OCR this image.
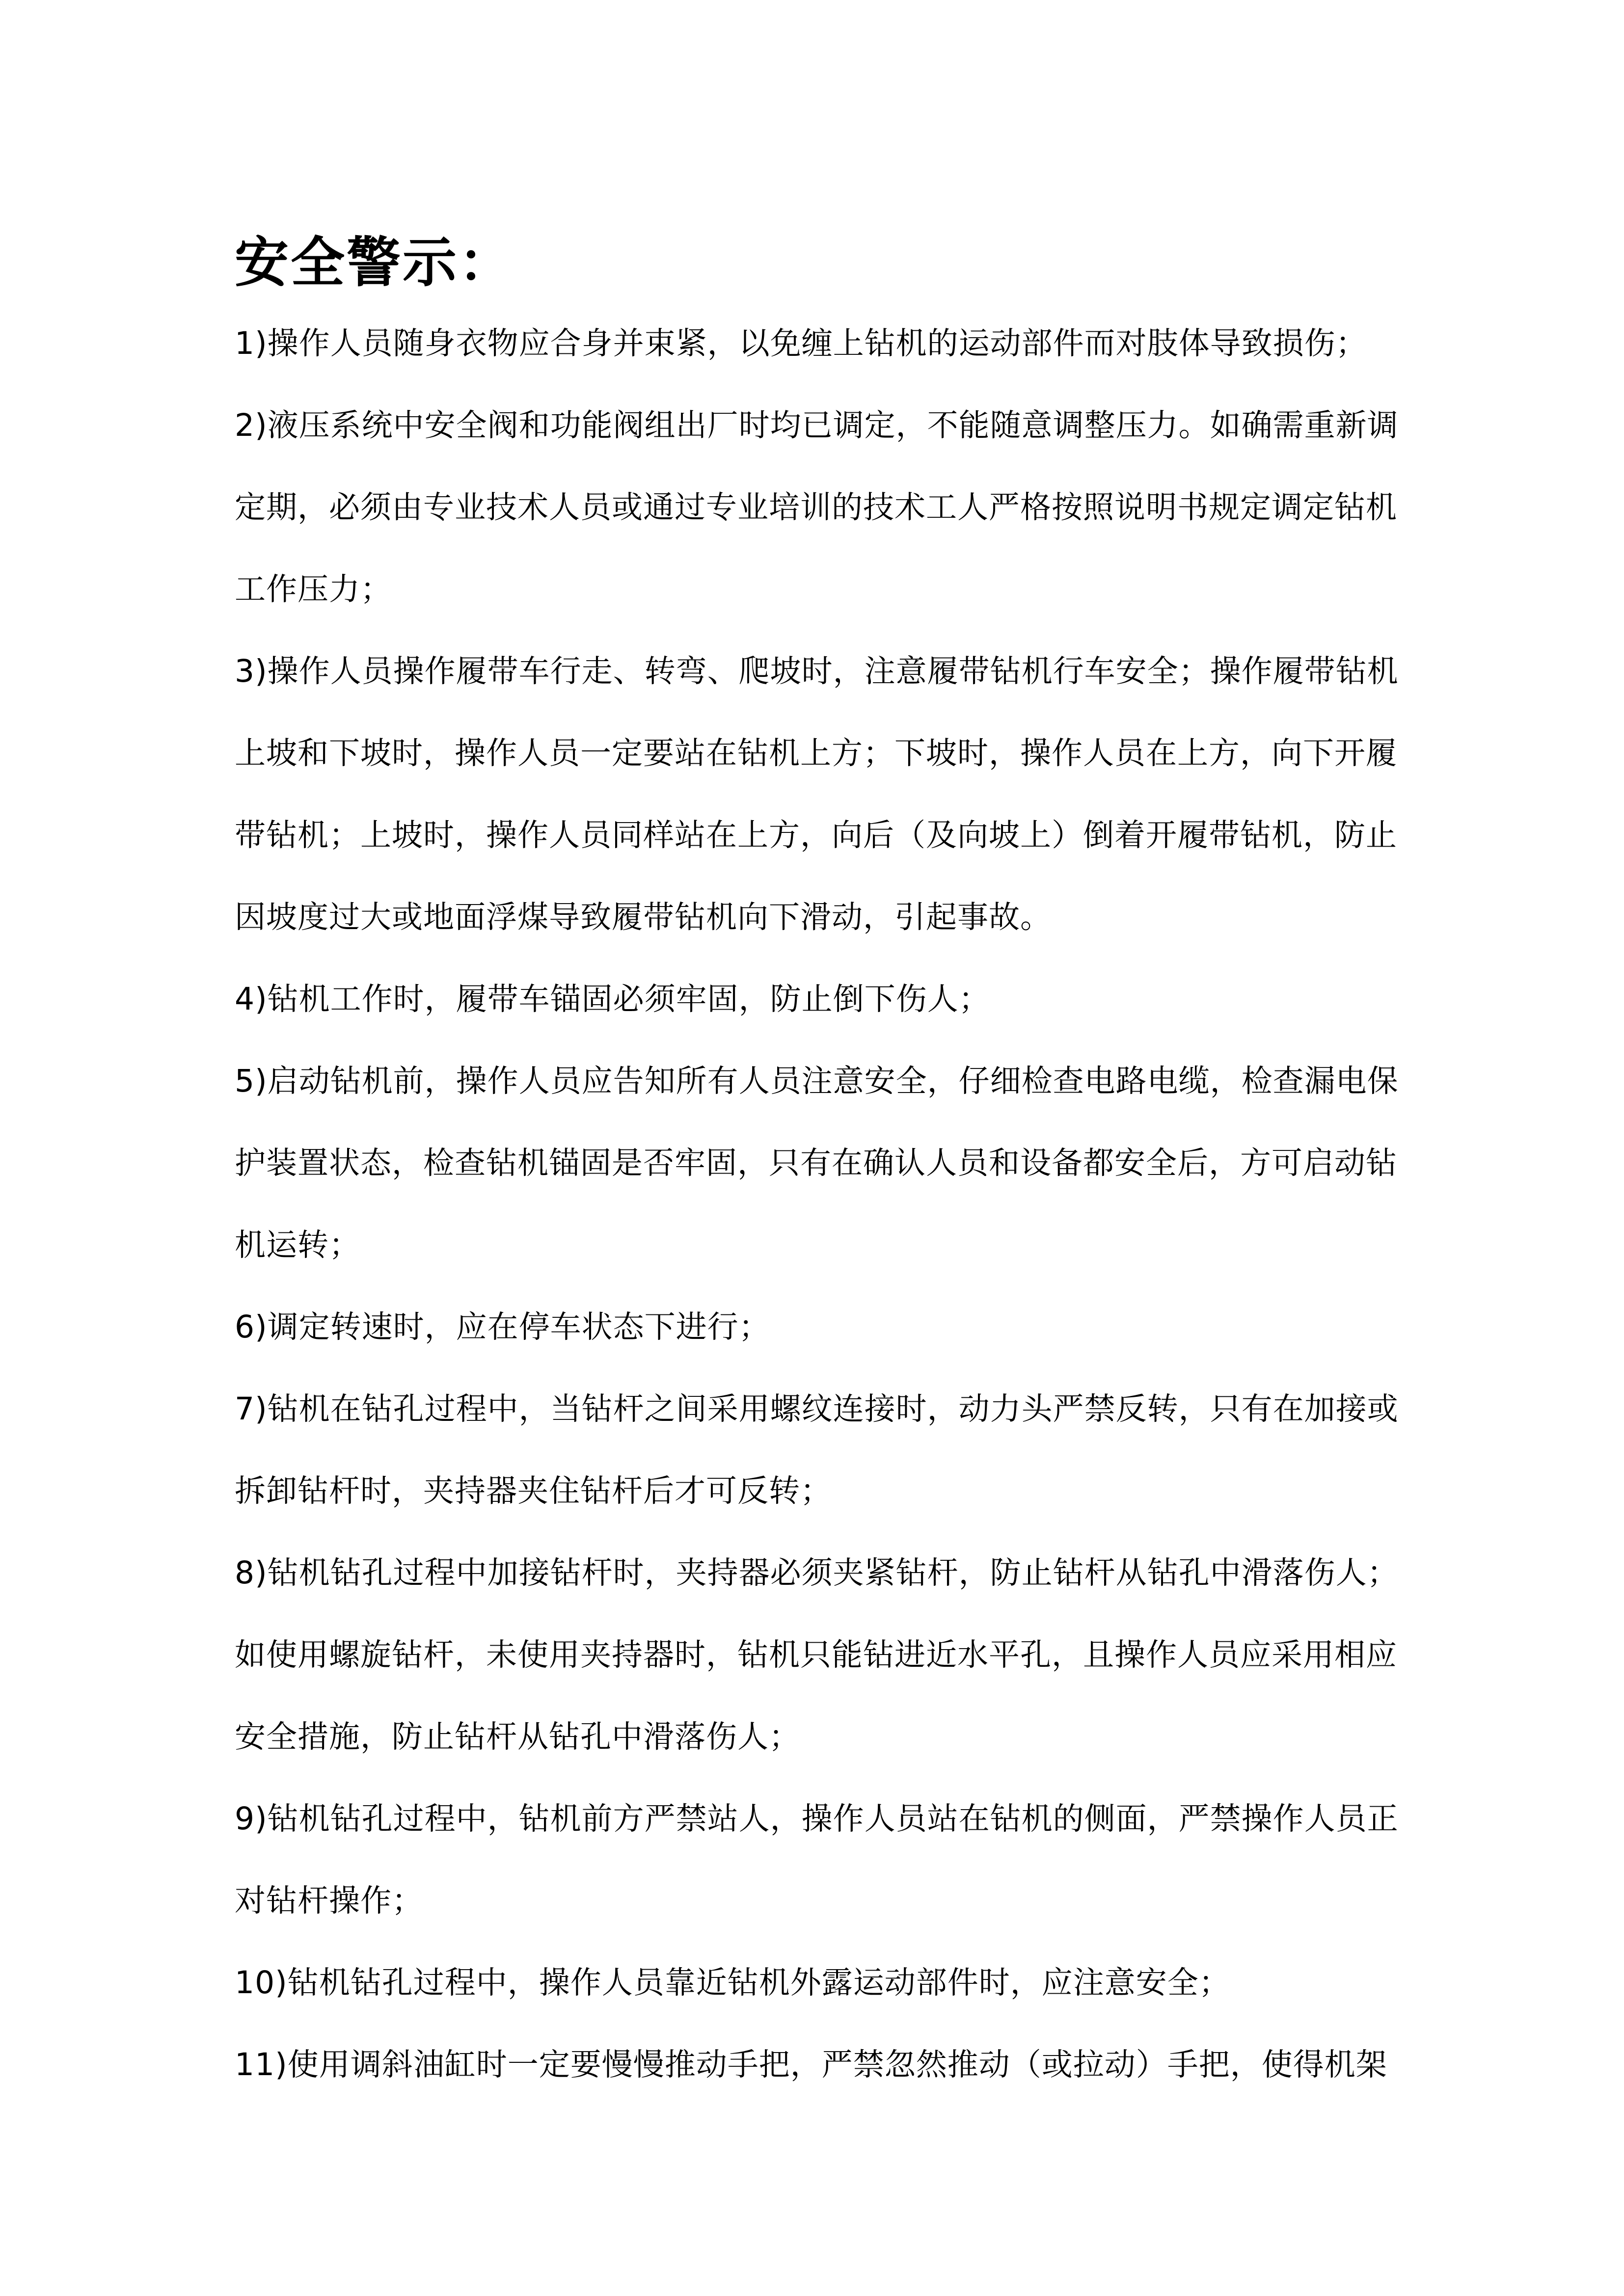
安全警示：

1)操作人员随身衣物应合身并束紧，以免缠上钻机的运动部件而对肢体导致损伤；

2)液压系统中安全阀和功能阀组出厂时均已调定，不能随意调整压力。如确需重新调

定期，必须由专业技术人员或通过专业培训的技术工人严格按照说明书规定调定钻机

工作压力；

3)操作人员操作履带车行走、转弯、爬坡时，注意履带钻机行车安全；操作履带钻机

上坡和下坡时，操作人员一定要站在钻机上方；下坡时，操作人员在上方，向下开履

带钻机；上坡时，操作人员同样站在上方，向后（及向坡上）倒着开履带钻机，防止

因坡度过大或地面浮煤导致履带钻机向下滑动，引起事故。

4)钻机工作时，履带车锚固必须牢固，防止倒下伤人；

5)启动钻机前，操作人员应告知所有人员注意安全，仔细检查电路电缆，检查漏电保

护装置状态，检查钻机锚固是否牢固，只有在确认人员和设备都安全后，方可启动钻

机运转；

6)调定转速时，应在停车状态下进行；

7)钻机在钻孔过程中，当钻杆之间采用螺纹连接时，动力头严禁反转，只有在加接或

拆卸钻杆时，夹持器夹住钻杆后才可反转；

8)钻机钻孔过程中加接钻杆时，夹持器必须夹紧钻杆，防止钻杆从钻孔中滑落伤人；

如使用螺旋钻杆，未使用夹持器时，钻机只能钻进近水平孔，且操作人员应采用相应

安全措施，防止钻杆从钻孔中滑落伤人；

9)钻机钻孔过程中，钻机前方严禁站人，操作人员站在钻机的侧面，严禁操作人员正

对钻杆操作；

10)钻机钻孔过程中，操作人员靠近钻机外露运动部件时，应注意安全；

11)使用调斜油缸时一定要慢慢推动手把，严禁忽然推动（或拉动）手把，使得机架
